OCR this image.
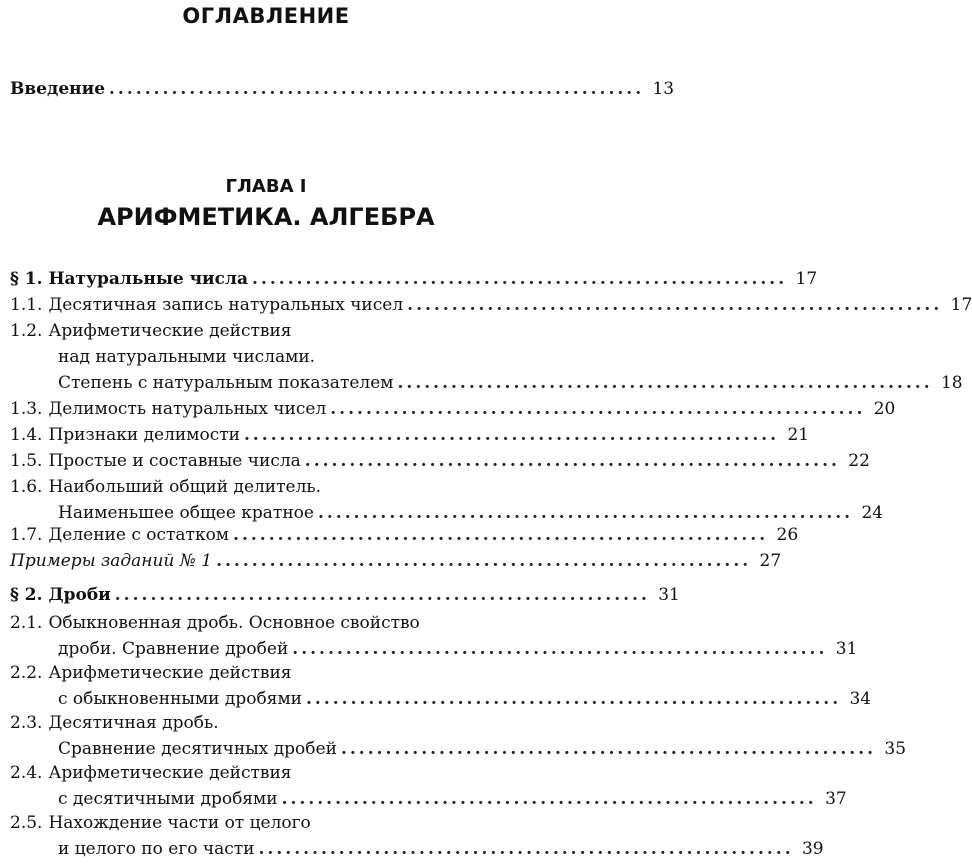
ОГЛАВЛЕНИЕ
Введение ............................................................ 13
ГЛАВА I
АРИФМЕТИКА. АЛГЕБРА
§ 1. Натуральные числа ............................................................ 17
1.1. Десятичная запись натуральных чисел ............................................................ 17
1.2. Арифметические действия
над натуральными числами.
Степень с натуральным показателем ............................................................ 18
1.3. Делимость натуральных чисел ............................................................ 20
1.4. Признаки делимости ............................................................ 21
1.5. Простые и составные числа ............................................................ 22
1.6. Наибольший общий делитель.
Наименьшее общее кратное ............................................................ 24
1.7. Деление с остатком ............................................................ 26
Примеры заданий № 1 ............................................................ 27
§ 2. Дроби ............................................................ 31
2.1. Обыкновенная дробь. Основное свойство
дроби. Сравнение дробей ............................................................ 31
2.2. Арифметические действия
с обыкновенными дробями ............................................................ 34
2.3. Десятичная дробь.
Сравнение десятичных дробей ............................................................ 35
2.4. Арифметические действия
с десятичными дробями ............................................................ 37
2.5. Нахождение части от целого
и целого по его части ............................................................ 39
